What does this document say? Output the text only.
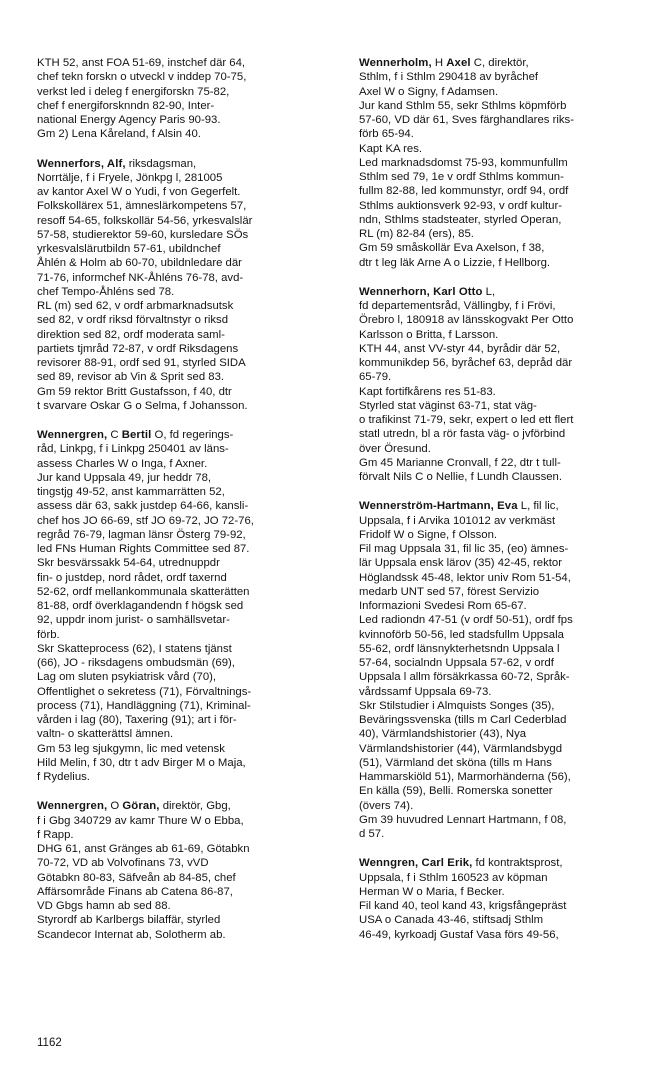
KTH 52, anst FOA 51-69, instchef där 64,
chef tekn forskn o utveckl v inddep 70-75,
verkst led i deleg f energiforskn 75-82,
chef f energiforsknndn 82-90, Inter-
national Energy Agency Paris 90-93.
Gm 2) Lena Kåreland, f Alsin 40.
Wennerfors, Alf, riksdagsman,
Norrtälje, f i Fryele, Jönkpg l, 281005
av kantor Axel W o Yudi, f von Gegerfelt.
Folkskollärex 51, ämneslärkompetens 57,
resoff 54-65, folkskollär 54-56, yrkesvalslär
57-58, studierektor 59-60, kursledare SÖs
yrkesvalslärutbildn 57-61, ubildnchef
Åhlén & Holm ab 60-70, ubildnledare där
71-76, informchef NK-Åhléns 76-78, avd-
chef Tempo-Åhléns sed 78.
RL (m) sed 62, v ordf arbmarknadsutsk
sed 82, v ordf riksd förvaltnstyr o riksd
direktion sed 82, ordf moderata saml-
partiets tjmråd 72-87, v ordf Riksdagens
revisorer 88-91, ordf sed 91, styrled SIDA
sed 89, revisor ab Vin & Sprit sed 83.
Gm 59 rektor Britt Gustafsson, f 40, dtr
t svarvare Oskar G o Selma, f Johansson.
Wennergren, C Bertil O, fd regerings-
råd, Linkpg, f i Linkpg 250401 av läns-
assess Charles W o Inga, f Axner.
Jur kand Uppsala 49, jur heddr 78,
tingstjg 49-52, anst kammarrätten 52,
assess där 63, sakk justdep 64-66, kansli-
chef hos JO 66-69, stf JO 69-72, JO 72-76,
regråd 76-79, lagman länsr Österg 79-92,
led FNs Human Rights Committee sed 87.
Skr besvärssakk 54-64, utrednuppdr
fin- o justdep, nord rådet, ordf taxernd
52-62, ordf mellankommunala skatterätten
81-88, ordf överklagandendn f högsk sed
92, uppdr inom jurist- o samhällsvetar-
förb.
Skr Skatteprocess (62), I statens tjänst
(66), JO - riksdagens ombudsmän (69),
Lag om sluten psykiatrisk vård (70),
Offentlighet o sekretess (71), Förvaltnings-
process (71), Handläggning (71), Kriminal-
vården i lag (80), Taxering (91); art i för-
valtn- o skatterättsl ämnen.
Gm 53 leg sjukgymn, lic med vetensk
Hild Melin, f 30, dtr t adv Birger M o Maja,
f Rydelius.
Wennergren, O Göran, direktör, Gbg,
f i Gbg 340729 av kamr Thure W o Ebba,
f Rapp.
DHG 61, anst Gränges ab 61-69, Götabkn
70-72, VD ab Volvofinans 73, vVD
Götabkn 80-83, Säfveån ab 84-85, chef
Affärsområde Finans ab Catena 86-87,
VD Gbgs hamn ab sed 88.
Styrordf ab Karlbergs bilaffär, styrled
Scandecor Internat ab, Solotherm ab.
Wennerholm, H Axel C, direktör,
Sthlm, f i Sthlm 290418 av byråchef
Axel W o Signy, f Adamsen.
Jur kand Sthlm 55, sekr Sthlms köpmförb
57-60, VD där 61, Sves färghandlares riks-
förb 65-94.
Kapt KA res.
Led marknadsdomst 75-93, kommunfullm
Sthlm sed 79, 1e v ordf Sthlms kommun-
fullm 82-88, led kommunstyr, ordf 94, ordf
Sthlms auktionsverk 92-93, v ordf kultur-
ndn, Sthlms stadsteater, styrled Operan,
RL (m) 82-84 (ers), 85.
Gm 59 småskollär Eva Axelson, f 38,
dtr t leg läk Arne A o Lizzie, f Hellborg.
Wennerhorn, Karl Otto L,
fd departementsråd, Vällingby, f i Frövi,
Örebro l, 180918 av länsskogvakt Per Otto
Karlsson o Britta, f Larsson.
KTH 44, anst VV-styr 44, byrådir där 52,
kommunikdep 56, byråchef 63, depråd där
65-79.
Kapt fortifkårens res 51-83.
Styrled stat väginst 63-71, stat väg-
o trafikinst 71-79, sekr, expert o led ett flert
statl utredn, bl a rör fasta väg- o jvförbind
över Öresund.
Gm 45 Marianne Cronvall, f 22, dtr t tull-
förvalt Nils C o Nellie, f Lundh Claussen.
Wennerström-Hartmann, Eva L, fil lic,
Uppsala, f i Arvika 101012 av verkmäst
Fridolf W o Signe, f Olsson.
Fil mag Uppsala 31, fil lic 35, (eo) ämnes-
lär Uppsala ensk lärov (35) 42-45, rektor
Höglandssk 45-48, lektor univ Rom 51-54,
medarb UNT sed 57, förest Servizio
Informazioni Svedesi Rom 65-67.
Led radiondn 47-51 (v ordf 50-51), ordf fps
kvinnoförb 50-56, led stadsfullm Uppsala
55-62, ordf länsnykterhetsndn Uppsala l
57-64, socialndn Uppsala 57-62, v ordf
Uppsala l allm försäkrkassa 60-72, Språk-
vårdssamf Uppsala 69-73.
Skr Stilstudier i Almquists Songes (35),
Beväringssvenska (tills m Carl Cederblad
40), Värmlandshistorier (43), Nya
Värmlandshistorier (44), Värmlandsbygd
(51), Värmland det sköna (tills m Hans
Hammarskiöld 51), Marmorhänderna (56),
En källa (59), Belli. Romerska sonetter
(övers 74).
Gm 39 huvudred Lennart Hartmann, f 08,
d 57.
Wenngren, Carl Erik, fd kontraktsprost,
Uppsala, f i Sthlm 160523 av köpman
Herman W o Maria, f Becker.
Fil kand 40, teol kand 43, krigsfångepräst
USA o Canada 43-46, stiftsadj Sthlm
46-49, kyrkoadj Gustaf Vasa förs 49-56,
1162
